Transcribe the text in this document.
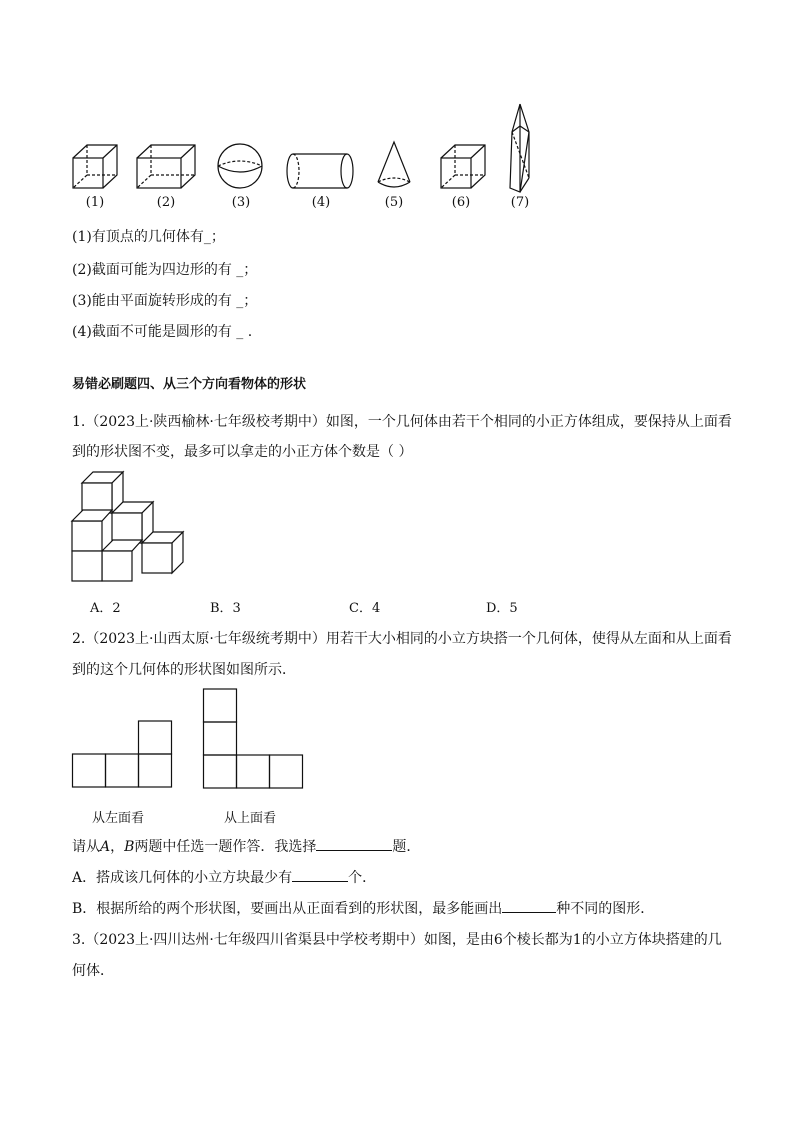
(1)	(2)	(3)	(4)	(5)	(6)	(7)
(1)有顶点的几何体有_；
(2)截面可能为四边形的有 _；
(3)能由平面旋转形成的有 _；
(4)截面不可能是圆形的有 _ .
易错必刷题四、从三个方向看物体的形状
1.（2023上·陕西榆林·七年级校考期中）如图，一个几何体由若干个相同的小正方体组成，要保持从上面看
到的形状图不变，最多可以拿走的小正方体个数是（ ）
A．2	B．3	C．4	D．5
2.（2023上·山西太原·七年级统考期中）用若干大小相同的小立方块搭一个几何体，使得从左面和从上面看
到的这个几何体的形状图如图所示．
从左面看	从上面看
请从A，B两题中任选一题作答．我选择	题．
A．搭成该几何体的小立方块最少有	个．
B．根据所给的两个形状图，要画出从正面看到的形状图，最多能画出	种不同的图形．
3.（2023上·四川达州·七年级四川省渠县中学校考期中）如图，是由6个棱长都为1的小立方体块搭建的几
何体．
